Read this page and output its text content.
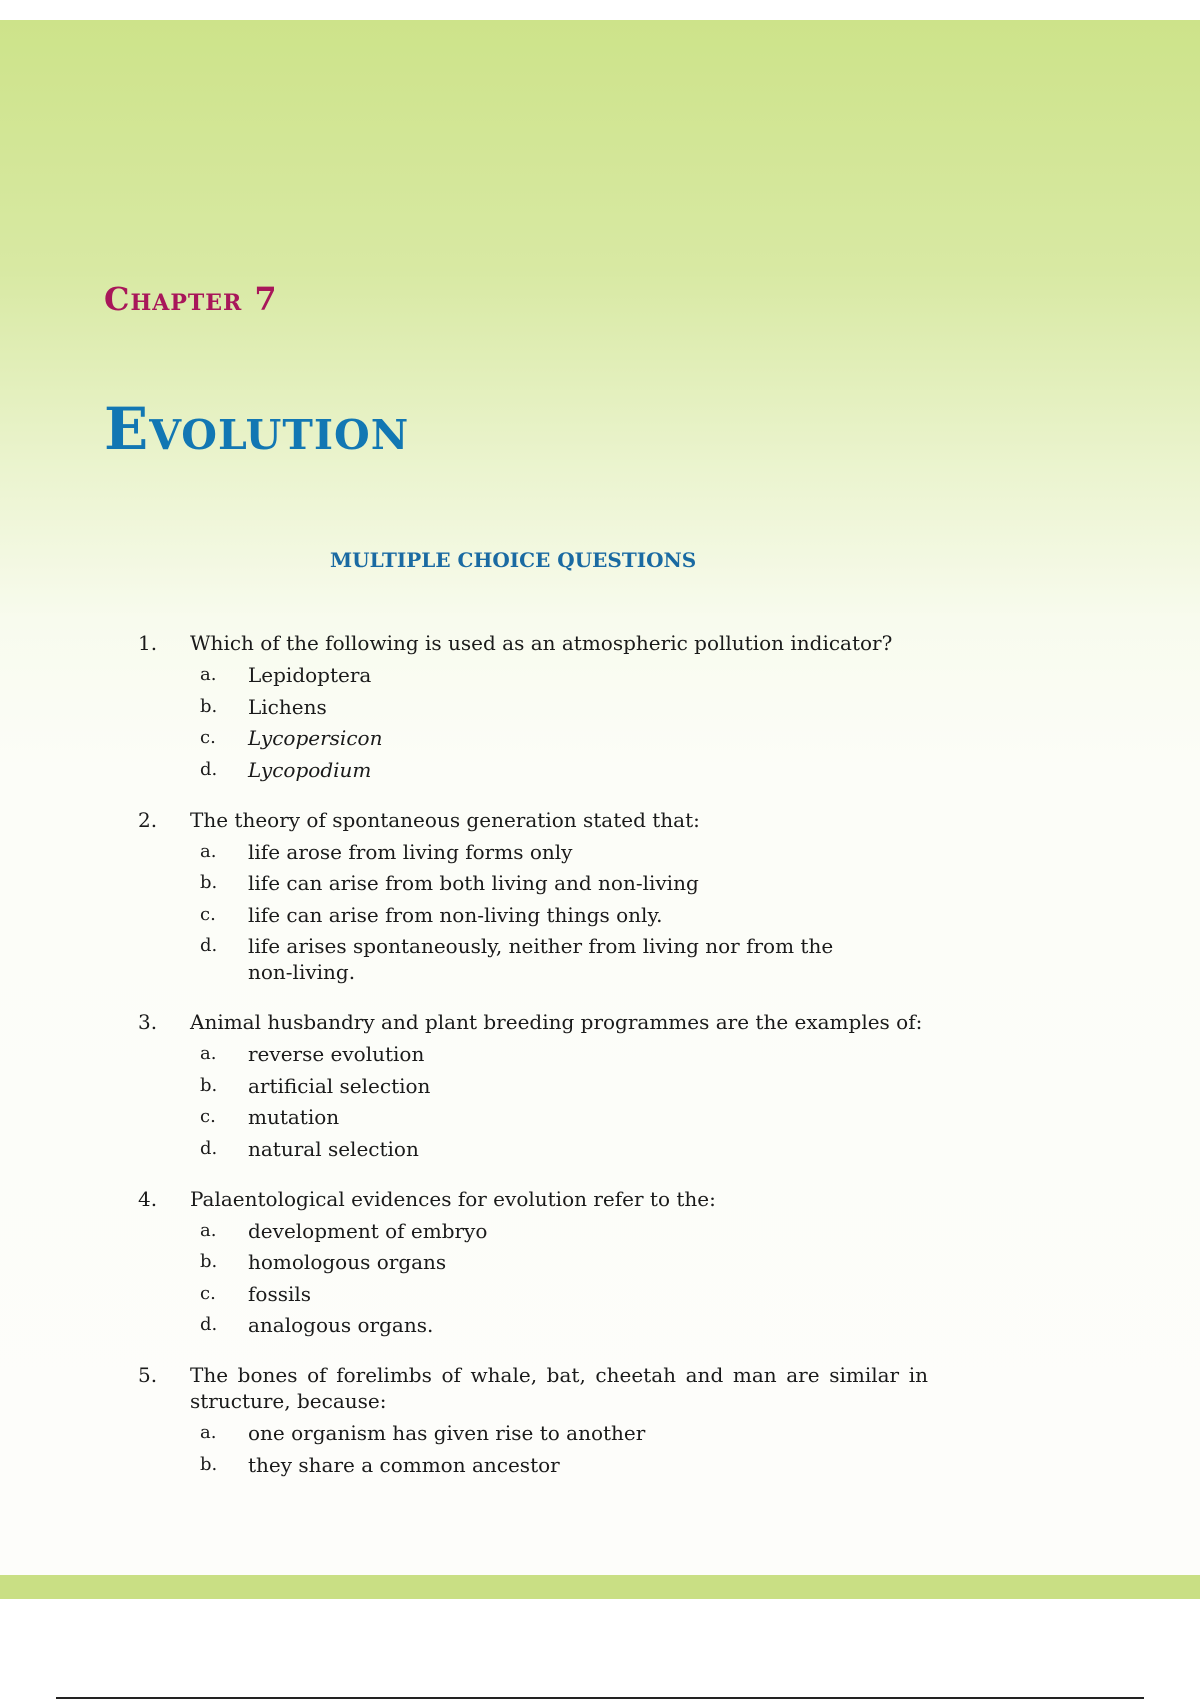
Chapter 7
Evolution
MULTIPLE CHOICE QUESTIONS
1.	Which of the following is used as an atmospheric pollution indicator?
a.	Lepidoptera
b.	Lichens
c.	Lycopersicon
d.	Lycopodium
2.	The theory of spontaneous generation stated that:
a.	life arose from living forms only
b.	life can arise from both living and non-living
c.	life can arise from non-living things only.
d.	life arises spontaneously, neither from living nor from the non-living.
3.	Animal husbandry and plant breeding programmes are the examples of:
a.	reverse evolution
b.	artificial selection
c.	mutation
d.	natural selection
4.	Palaentological evidences for evolution refer to the:
a.	development of embryo
b.	homologous organs
c.	fossils
d.	analogous organs.
5.	The bones of forelimbs of whale, bat, cheetah and man are similar in structure, because:
a.	one organism has given rise to another
b.	they share a common ancestor
